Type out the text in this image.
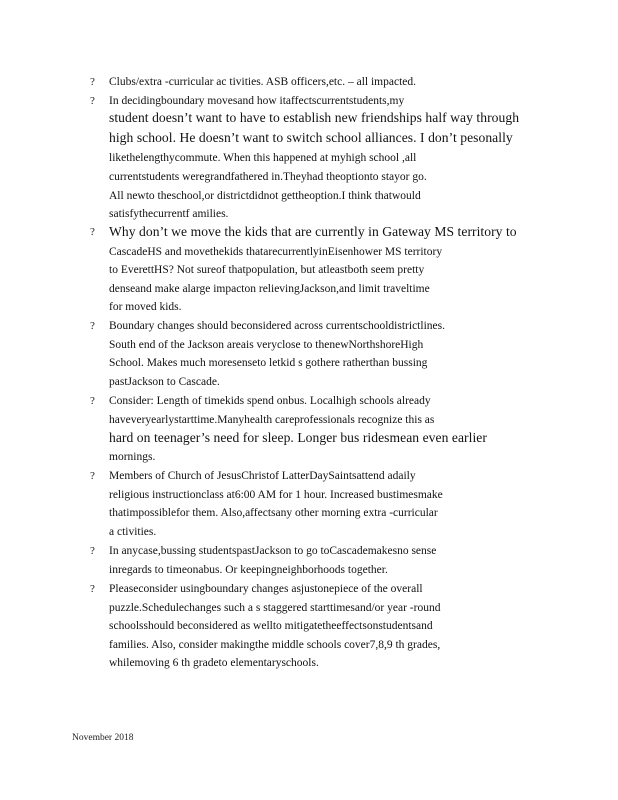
? Clubs/extra -curricular ac tivities. ASB officers,etc. – all impacted.
? In decidingboundary movesand how itaffectscurrentstudents,my
student doesn’t want to have to establish new friendships half way through
high school. He doesn’t want to switch school alliances. I don’t pesonally
likethelengthycommute. When this happened at myhigh school ,all
currentstudents weregrandfathered in.Theyhad theoptionto stayor go.
All newto theschool,or districtdidnot gettheoption.I think thatwould
satisfythecurrentf amilies.
? Why don’t we move the kids that are currently in Gateway MS territory to
CascadeHS and movethekids thatarecurrentlyinEisenhower MS territory
to EverettHS? Not sureof thatpopulation, but atleastboth seem pretty
denseand make alarge impacton relievingJackson,and limit traveltime
for moved kids.
? Boundary changes should beconsidered across currentschooldistrictlines.
South end of the Jackson areais veryclose to thenewNorthshoreHigh
School. Makes much moresenseto letkid s gothere ratherthan bussing
pastJackson to Cascade.
? Consider: Length of timekids spend onbus. Localhigh schools already
haveveryearlystarttime.Manyhealth careprofessionals recognize this as
hard on teenager’s need for sleep. Longer bus ridesmean even earlier
mornings.
? Members of Church of JesusChristof LatterDaySaintsattend adaily
religious instructionclass at6:00 AM for 1 hour. Increased bustimesmake
thatimpossiblefor them. Also,affectsany other morning extra -curricular
a ctivities.
? In anycase,bussing studentspastJackson to go toCascademakesno sense
inregards to timeonabus. Or keepingneighborhoods together.
? Pleaseconsider usingboundary changes asjustonepiece of the overall
puzzle.Schedulechanges such a s staggered starttimesand/or year -round
schoolsshould beconsidered as wellto mitigatetheeffectsonstudentsand
families. Also, consider makingthe middle schools cover7,8,9 th grades,
whilemoving 6 th gradeto elementaryschools.
November 2018
